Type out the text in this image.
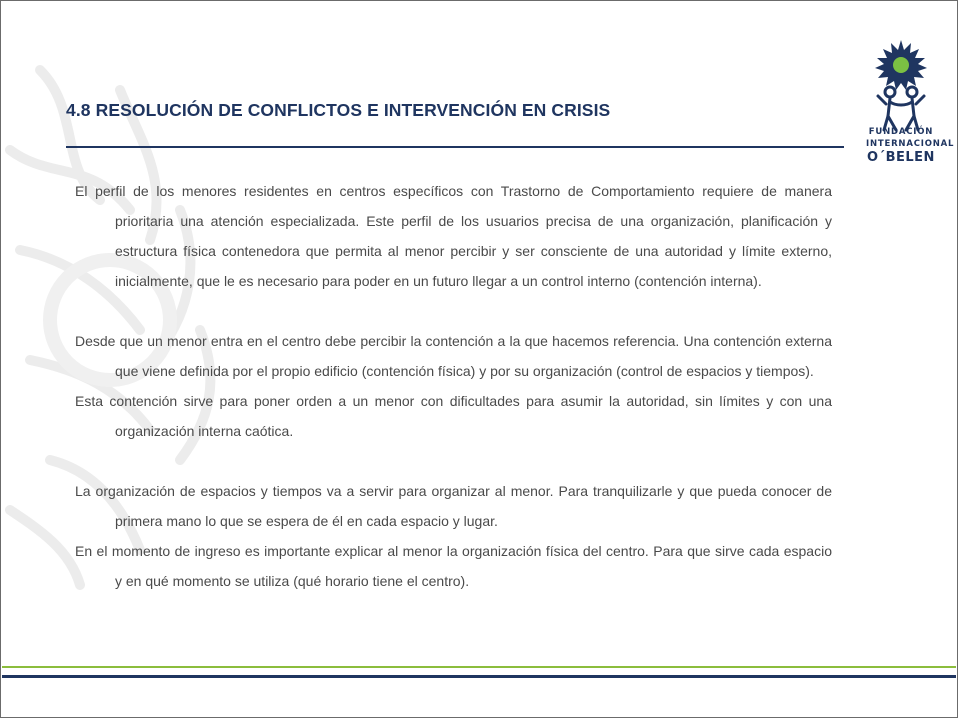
4.8 RESOLUCIÓN DE CONFLICTOS E INTERVENCIÓN EN CRISIS

El perfil de los menores residentes en centros específicos con Trastorno de Comportamiento requiere de manera prioritaria una atención especializada. Este perfil de los usuarios precisa de una organización, planificación y estructura física contenedora que permita al menor percibir y ser consciente de una autoridad y límite externo, inicialmente, que le es necesario para poder en un futuro llegar a un control interno (contención interna).

Desde que un menor entra en el centro debe percibir la contención a la que hacemos referencia. Una contención externa que viene definida por el propio edificio (contención física) y por su organización (control de espacios y tiempos).

Esta contención sirve para poner orden a un menor con dificultades para asumir la autoridad, sin límites y con una organización interna caótica.

La organización de espacios y tiempos va a servir para organizar al menor. Para tranquilizarle y que pueda conocer de primera mano lo que se espera de él en cada espacio y lugar.

En el momento de ingreso es importante explicar al menor la organización física del centro. Para que sirve cada espacio y en qué momento se utiliza (qué horario tiene el centro).

FUNDACIÓN
INTERNACIONAL
O´BELEN
